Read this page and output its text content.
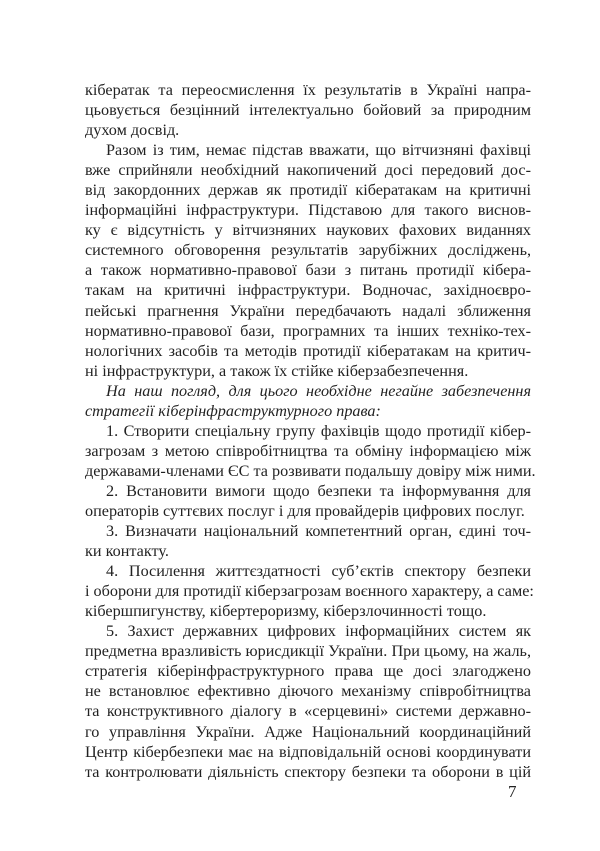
кібератак та переосмислення їх результатів в Україні напра-
цьовується безцінний інтелектуально бойовий за природним
духом досвід.
Разом із тим, немає підстав вважати, що вітчизняні фахівці
вже сприйняли необхідний накопичений досі передовий дос-
від закордонних держав як протидії кібератакам на критичні
інформаційні інфраструктури. Підставою для такого виснов-
ку є відсутність у вітчизняних наукових фахових виданнях
системного обговорення результатів зарубіжних досліджень,
а також нормативно-правової бази з питань протидії кібера-
такам на критичні інфраструктури. Водночас, західноєвро-
пейські прагнення України передбачають надалі зближення
нормативно-правової бази, програмних та інших техніко-тех-
нологічних засобів та методів протидії кібератакам на критич-
ні інфраструктури, а також їх стійке кіберзабезпечення.
На наш погляд, для цього необхідне негайне забезпечення
стратегії кіберінфраструктурного права:
1. Створити спеціальну групу фахівців щодо протидії кібер-
загрозам з метою співробітництва та обміну інформацією між
державами-членами ЄС та розвивати подальшу довіру між ними.
2. Встановити вимоги щодо безпеки та інформування для
операторів суттєвих послуг і для провайдерів цифрових послуг.
3. Визначати національний компетентний орган, єдині точ-
ки контакту.
4. Посилення життєздатності суб’єктів спектору безпеки
і оборони для протидії кіберзагрозам воєнного характеру, а саме:
кібершпигунству, кібертероризму, кіберзлочинності тощо.
5. Захист державних цифрових інформаційних систем як
предметна вразливість юрисдикції України. При цьому, на жаль,
стратегія кіберінфраструктурного права ще досі злагоджено
не встановлює ефективно діючого механізму співробітництва
та конструктивного діалогу в «серцевині» системи державно-
го управління України. Адже Національний координаційний
Центр кібербезпеки має на відповідальній основі координувати
та контролювати діяльність спектору безпеки та оборони в цій
7
